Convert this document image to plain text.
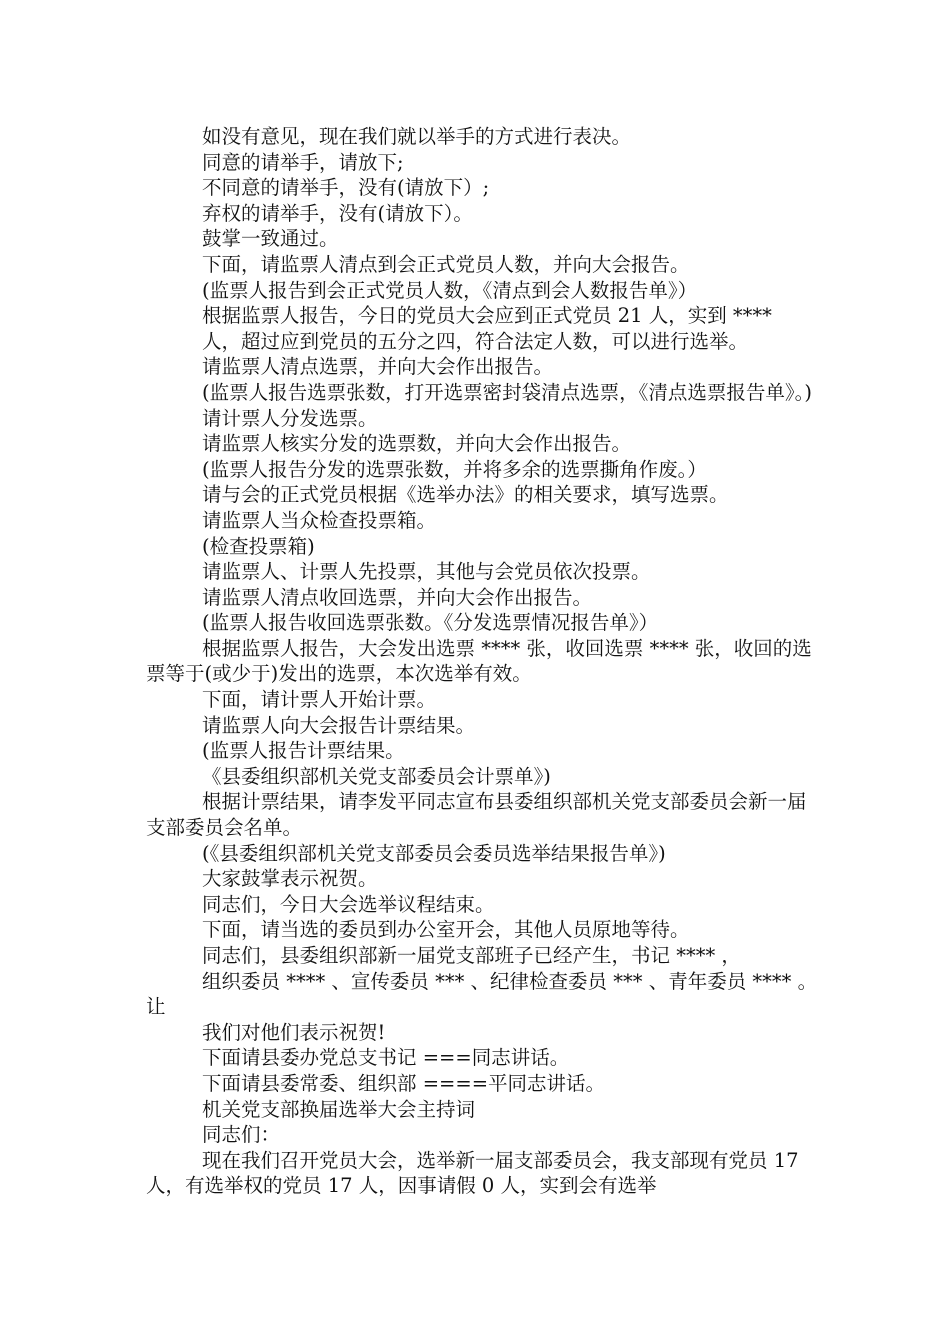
如没有意见，现在我们就以举手的方式进行表决。

同意的请举手，请放下;

不同意的请举手，没有(请放下）;

弃权的请举手，没有(请放下）。

鼓掌一致通过。

下面，请监票人清点到会正式党员人数，并向大会报告。

(监票人报告到会正式党员人数，《清点到会人数报告单》）

根据监票人报告，今日的党员大会应到正式党员 21 人，实到 ****

人，超过应到党员的五分之四，符合法定人数，可以进行选举。

请监票人清点选票，并向大会作出报告。

(监票人报告选票张数，打开选票密封袋清点选票，《清点选票报告单》。)

请计票人分发选票。

请监票人核实分发的选票数，并向大会作出报告。

(监票人报告分发的选票张数，并将多余的选票撕角作废。）

请与会的正式党员根据《选举办法》的相关要求，填写选票。

请监票人当众检查投票箱。

(检查投票箱)

请监票人、计票人先投票，其他与会党员依次投票。

请监票人清点收回选票，并向大会作出报告。

(监票人报告收回选票张数。《分发选票情况报告单》）

根据监票人报告，大会发出选票 **** 张，收回选票 **** 张，收回的选票等于(或少于)发出的选票，本次选举有效。

下面，请计票人开始计票。

请监票人向大会报告计票结果。

(监票人报告计票结果。

《县委组织部机关党支部委员会计票单》)

根据计票结果，请李发平同志宣布县委组织部机关党支部委员会新一届支部委员会名单。

(《县委组织部机关党支部委员会委员选举结果报告单》)

大家鼓掌表示祝贺。

同志们，今日大会选举议程结束。

下面，请当选的委员到办公室开会，其他人员原地等待。

同志们，县委组织部新一届党支部班子已经产生，书记 **** ，

组织委员 **** 、宣传委员 *** 、纪律检查委员 *** 、青年委员 **** 。让

我们对他们表示祝贺!

下面请县委办党总支书记 ===同志讲话。

下面请县委常委、组织部 ====平同志讲话。

机关党支部换届选举大会主持词

同志们：

现在我们召开党员大会，选举新一届支部委员会，我支部现有党员 17 人，有选举权的党员 17 人，因事请假 0 人，实到会有选举
